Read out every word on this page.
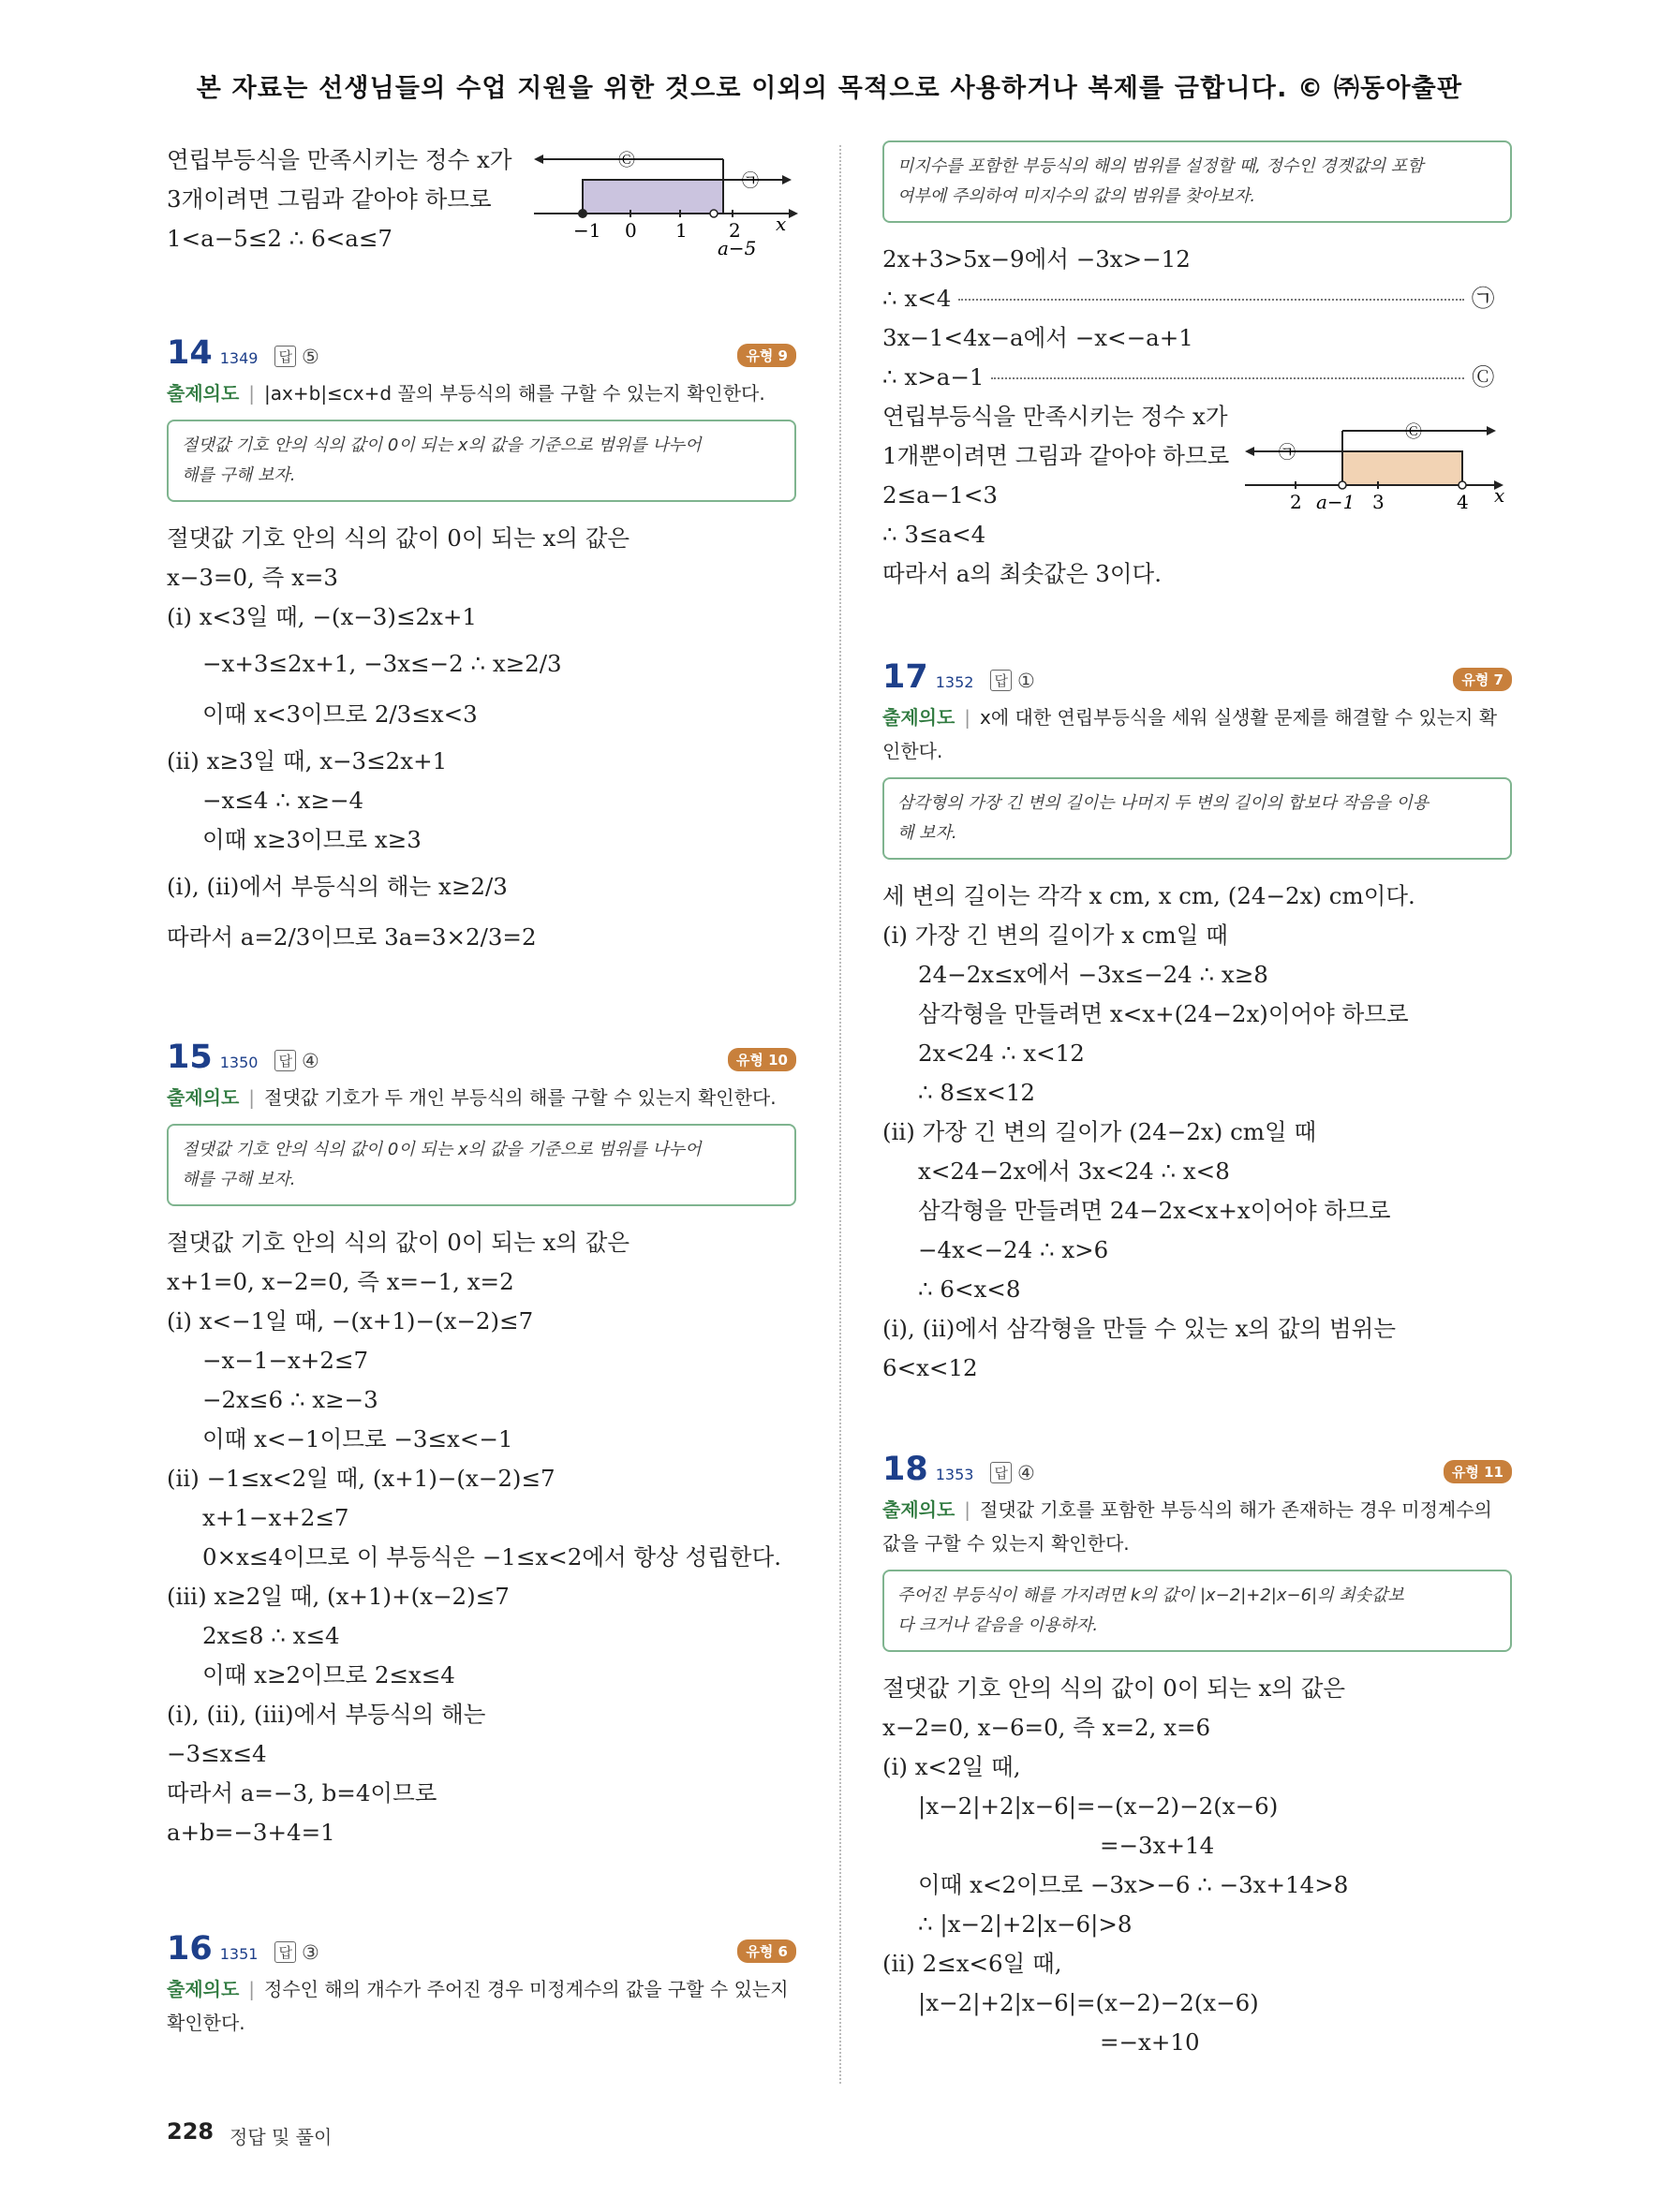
본 자료는 선생님들의 수업 지원을 위한 것으로 이외의 목적으로 사용하거나 복제를 금합니다. © ㈜동아출판
연립부등식을 만족시키는 정수 x가
3개이려면 그림과 같아야 하므로
1<a−5≤2 ∴ 6<a≤7
14 1349 답 ⑤	유형 9
출제의도 | |ax+b|≤cx+d 꼴의 부등식의 해를 구할 수 있는지 확인한다.
절댓값 기호 안의 식의 값이 0이 되는 x의 값을 기준으로 범위를 나누어
해를 구해 보자.
절댓값 기호 안의 식의 값이 0이 되는 x의 값은
x−3=0, 즉 x=3
(ⅰ) x<3일 때, −(x−3)≤2x+1
−x+3≤2x+1, −3x≤−2 ∴ x≥2/3
이때 x<3이므로 2/3≤x<3
(ⅱ) x≥3일 때, x−3≤2x+1
−x≤4 ∴ x≥−4
이때 x≥3이므로 x≥3
(ⅰ), (ⅱ)에서 부등식의 해는 x≥2/3
따라서 a=2/3이므로 3a=3×2/3=2
15 1350 답 ④	유형 10
출제의도 | 절댓값 기호가 두 개인 부등식의 해를 구할 수 있는지 확인한다.
절댓값 기호 안의 식의 값이 0이 되는 x의 값을 기준으로 범위를 나누어
해를 구해 보자.
절댓값 기호 안의 식의 값이 0이 되는 x의 값은
x+1=0, x−2=0, 즉 x=−1, x=2
(ⅰ) x<−1일 때, −(x+1)−(x−2)≤7
−x−1−x+2≤7
−2x≤6 ∴ x≥−3
이때 x<−1이므로 −3≤x<−1
(ⅱ) −1≤x<2일 때, (x+1)−(x−2)≤7
x+1−x+2≤7
0×x≤4이므로 이 부등식은 −1≤x<2에서 항상 성립한다.
(ⅲ) x≥2일 때, (x+1)+(x−2)≤7
2x≤8 ∴ x≤4
이때 x≥2이므로 2≤x≤4
(ⅰ), (ⅱ), (ⅲ)에서 부등식의 해는
−3≤x≤4
따라서 a=−3, b=4이므로
a+b=−3+4=1
16 1351 답 ③	유형 6
출제의도 | 정수인 해의 개수가 주어진 경우 미정계수의 값을 구할 수 있는지
확인한다.
−1 0 1 2 x
a−5
Ⓒ
㉠
미지수를 포함한 부등식의 해의 범위를 설정할 때, 정수인 경곗값의 포함
여부에 주의하여 미지수의 값의 범위를 찾아보자.
2x+3>5x−9에서 −3x>−12
∴ x<4	㉠
3x−1<4x−a에서 −x<−a+1
∴ x>a−1	Ⓒ
연립부등식을 만족시키는 정수 x가
1개뿐이려면 그림과 같아야 하므로
2≤a−1<3
∴ 3≤a<4
따라서 a의 최솟값은 3이다.
17 1352 답 ①	유형 7
출제의도 | x에 대한 연립부등식을 세워 실생활 문제를 해결할 수 있는지 확
인한다.
삼각형의 가장 긴 변의 길이는 나머지 두 변의 길이의 합보다 작음을 이용
해 보자.
세 변의 길이는 각각 x cm, x cm, (24−2x) cm이다.
(ⅰ) 가장 긴 변의 길이가 x cm일 때
24−2x≤x에서 −3x≤−24 ∴ x≥8
삼각형을 만들려면 x<x+(24−2x)이어야 하므로
2x<24 ∴ x<12
∴ 8≤x<12
(ⅱ) 가장 긴 변의 길이가 (24−2x) cm일 때
x<24−2x에서 3x<24 ∴ x<8
삼각형을 만들려면 24−2x<x+x이어야 하므로
−4x<−24 ∴ x>6
∴ 6<x<8
(ⅰ), (ⅱ)에서 삼각형을 만들 수 있는 x의 값의 범위는
6<x<12
18 1353 답 ④	유형 11
출제의도 | 절댓값 기호를 포함한 부등식의 해가 존재하는 경우 미정계수의
값을 구할 수 있는지 확인한다.
주어진 부등식이 해를 가지려면 k의 값이 |x−2|+2|x−6|의 최솟값보
다 크거나 같음을 이용하자.
절댓값 기호 안의 식의 값이 0이 되는 x의 값은
x−2=0, x−6=0, 즉 x=2, x=6
(ⅰ) x<2일 때,
|x−2|+2|x−6|=−(x−2)−2(x−6)
=−3x+14
이때 x<2이므로 −3x>−6 ∴ −3x+14>8
∴ |x−2|+2|x−6|>8
(ⅱ) 2≤x<6일 때,
|x−2|+2|x−6|=(x−2)−2(x−6)
=−x+10
2 a−1 3	4 x
Ⓒ
㉠
228 정답 및 풀이
